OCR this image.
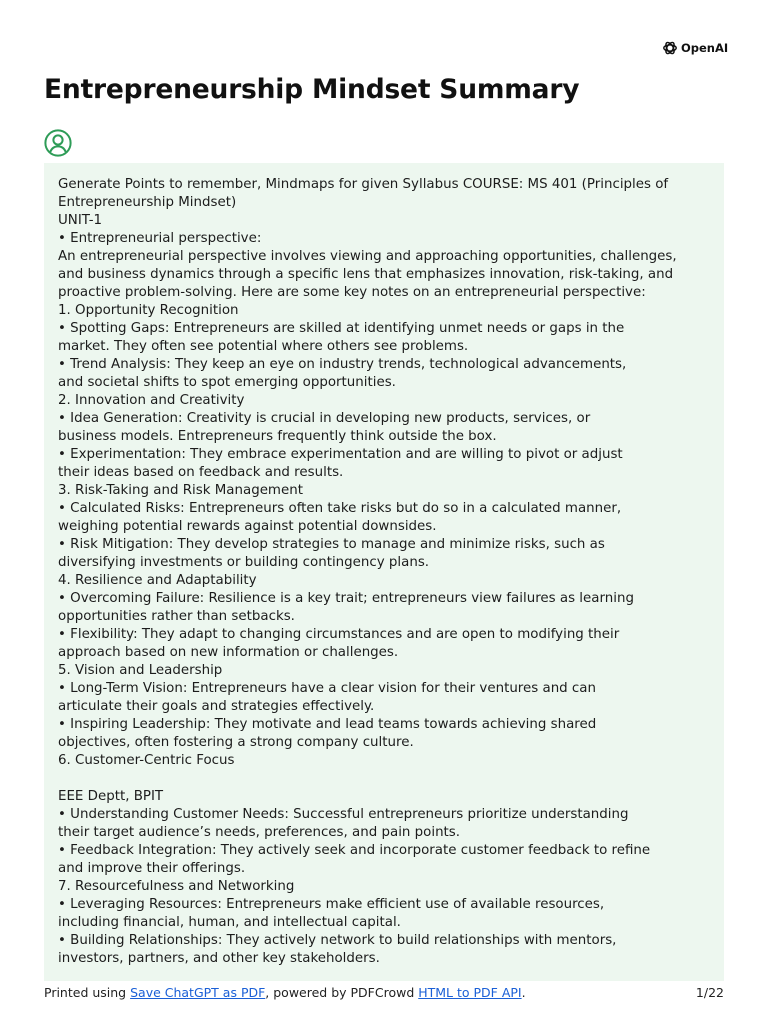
OpenAI
Entrepreneurship Mindset Summary

Generate Points to remember, Mindmaps for given Syllabus COURSE: MS 401 (Principles of

Entrepreneurship Mindset)

UNIT-1

• Entrepreneurial perspective:

An entrepreneurial perspective involves viewing and approaching opportunities, challenges,

and business dynamics through a specific lens that emphasizes innovation, risk-taking, and

proactive problem-solving. Here are some key notes on an entrepreneurial perspective:

1. Opportunity Recognition

• Spotting Gaps: Entrepreneurs are skilled at identifying unmet needs or gaps in the

market. They often see potential where others see problems.

• Trend Analysis: They keep an eye on industry trends, technological advancements,

and societal shifts to spot emerging opportunities.

2. Innovation and Creativity

• Idea Generation: Creativity is crucial in developing new products, services, or

business models. Entrepreneurs frequently think outside the box.

• Experimentation: They embrace experimentation and are willing to pivot or adjust

their ideas based on feedback and results.

3. Risk-Taking and Risk Management

• Calculated Risks: Entrepreneurs often take risks but do so in a calculated manner,

weighing potential rewards against potential downsides.

• Risk Mitigation: They develop strategies to manage and minimize risks, such as

diversifying investments or building contingency plans.

4. Resilience and Adaptability

• Overcoming Failure: Resilience is a key trait; entrepreneurs view failures as learning

opportunities rather than setbacks.

• Flexibility: They adapt to changing circumstances and are open to modifying their

approach based on new information or challenges.

5. Vision and Leadership

• Long-Term Vision: Entrepreneurs have a clear vision for their ventures and can

articulate their goals and strategies effectively.

• Inspiring Leadership: They motivate and lead teams towards achieving shared

objectives, often fostering a strong company culture.

6. Customer-Centric Focus

EEE Deptt, BPIT

• Understanding Customer Needs: Successful entrepreneurs prioritize understanding

their target audience’s needs, preferences, and pain points.

• Feedback Integration: They actively seek and incorporate customer feedback to refine

and improve their offerings.

7. Resourcefulness and Networking

• Leveraging Resources: Entrepreneurs make efficient use of available resources,

including financial, human, and intellectual capital.

• Building Relationships: They actively network to build relationships with mentors,

investors, partners, and other key stakeholders.

Printed using Save ChatGPT as PDF, powered by PDFCrowd HTML to PDF API.	1/22
